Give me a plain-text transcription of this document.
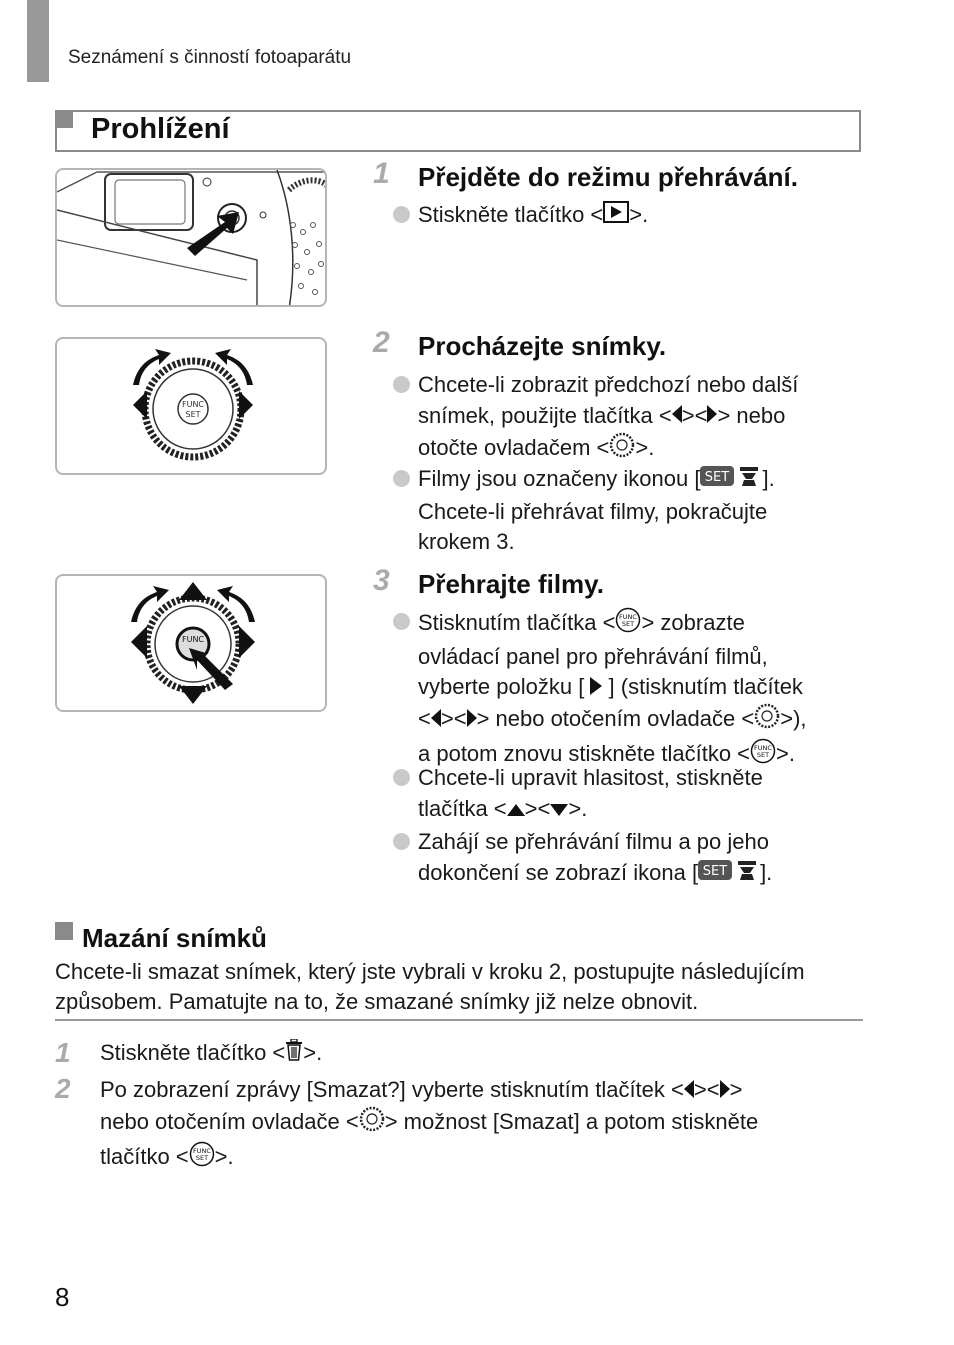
Seznámení s činností fotoaparátu
Prohlížení
1 Přejděte do režimu přehrávání.
Stiskněte tlačítko < >.
FUNC
SET
2 Procházejte snímky.
Chcete-li zobrazit předchozí nebo další
snímek, použijte tlačítka < >< > nebo
otočte ovladačem < >.
Filmy jsou označeny ikonou [ SET ].
Chcete-li přehrávat filmy, pokračujte
krokem 3.
FUNC
3 Přehrajte filmy.
Stisknutím tlačítka < FUNC
SET > zobrazte
ovládací panel pro přehrávání filmů,
vyberte položku [  ] (stisknutím tlačítek
< >< > nebo otočením ovladače < >),
a potom znovu stiskněte tlačítko < FUNC
SET >.
Chcete-li upravit hlasitost, stiskněte
tlačítka < >< >.
Zahájí se přehrávání filmu a po jeho
dokončení se zobrazí ikona [ SET ].
Mazání snímků
Chcete-li smazat snímek, který jste vybrali v kroku 2, postupujte následujícím
způsobem. Pamatujte na to, že smazané snímky již nelze obnovit.
1 Stiskněte tlačítko < >.
2 Po zobrazení zprávy [Smazat?] vyberte stisknutím tlačítek < >< >
nebo otočením ovladače < > možnost [Smazat] a potom stiskněte
tlačítko < FUNC
SET >.
8
